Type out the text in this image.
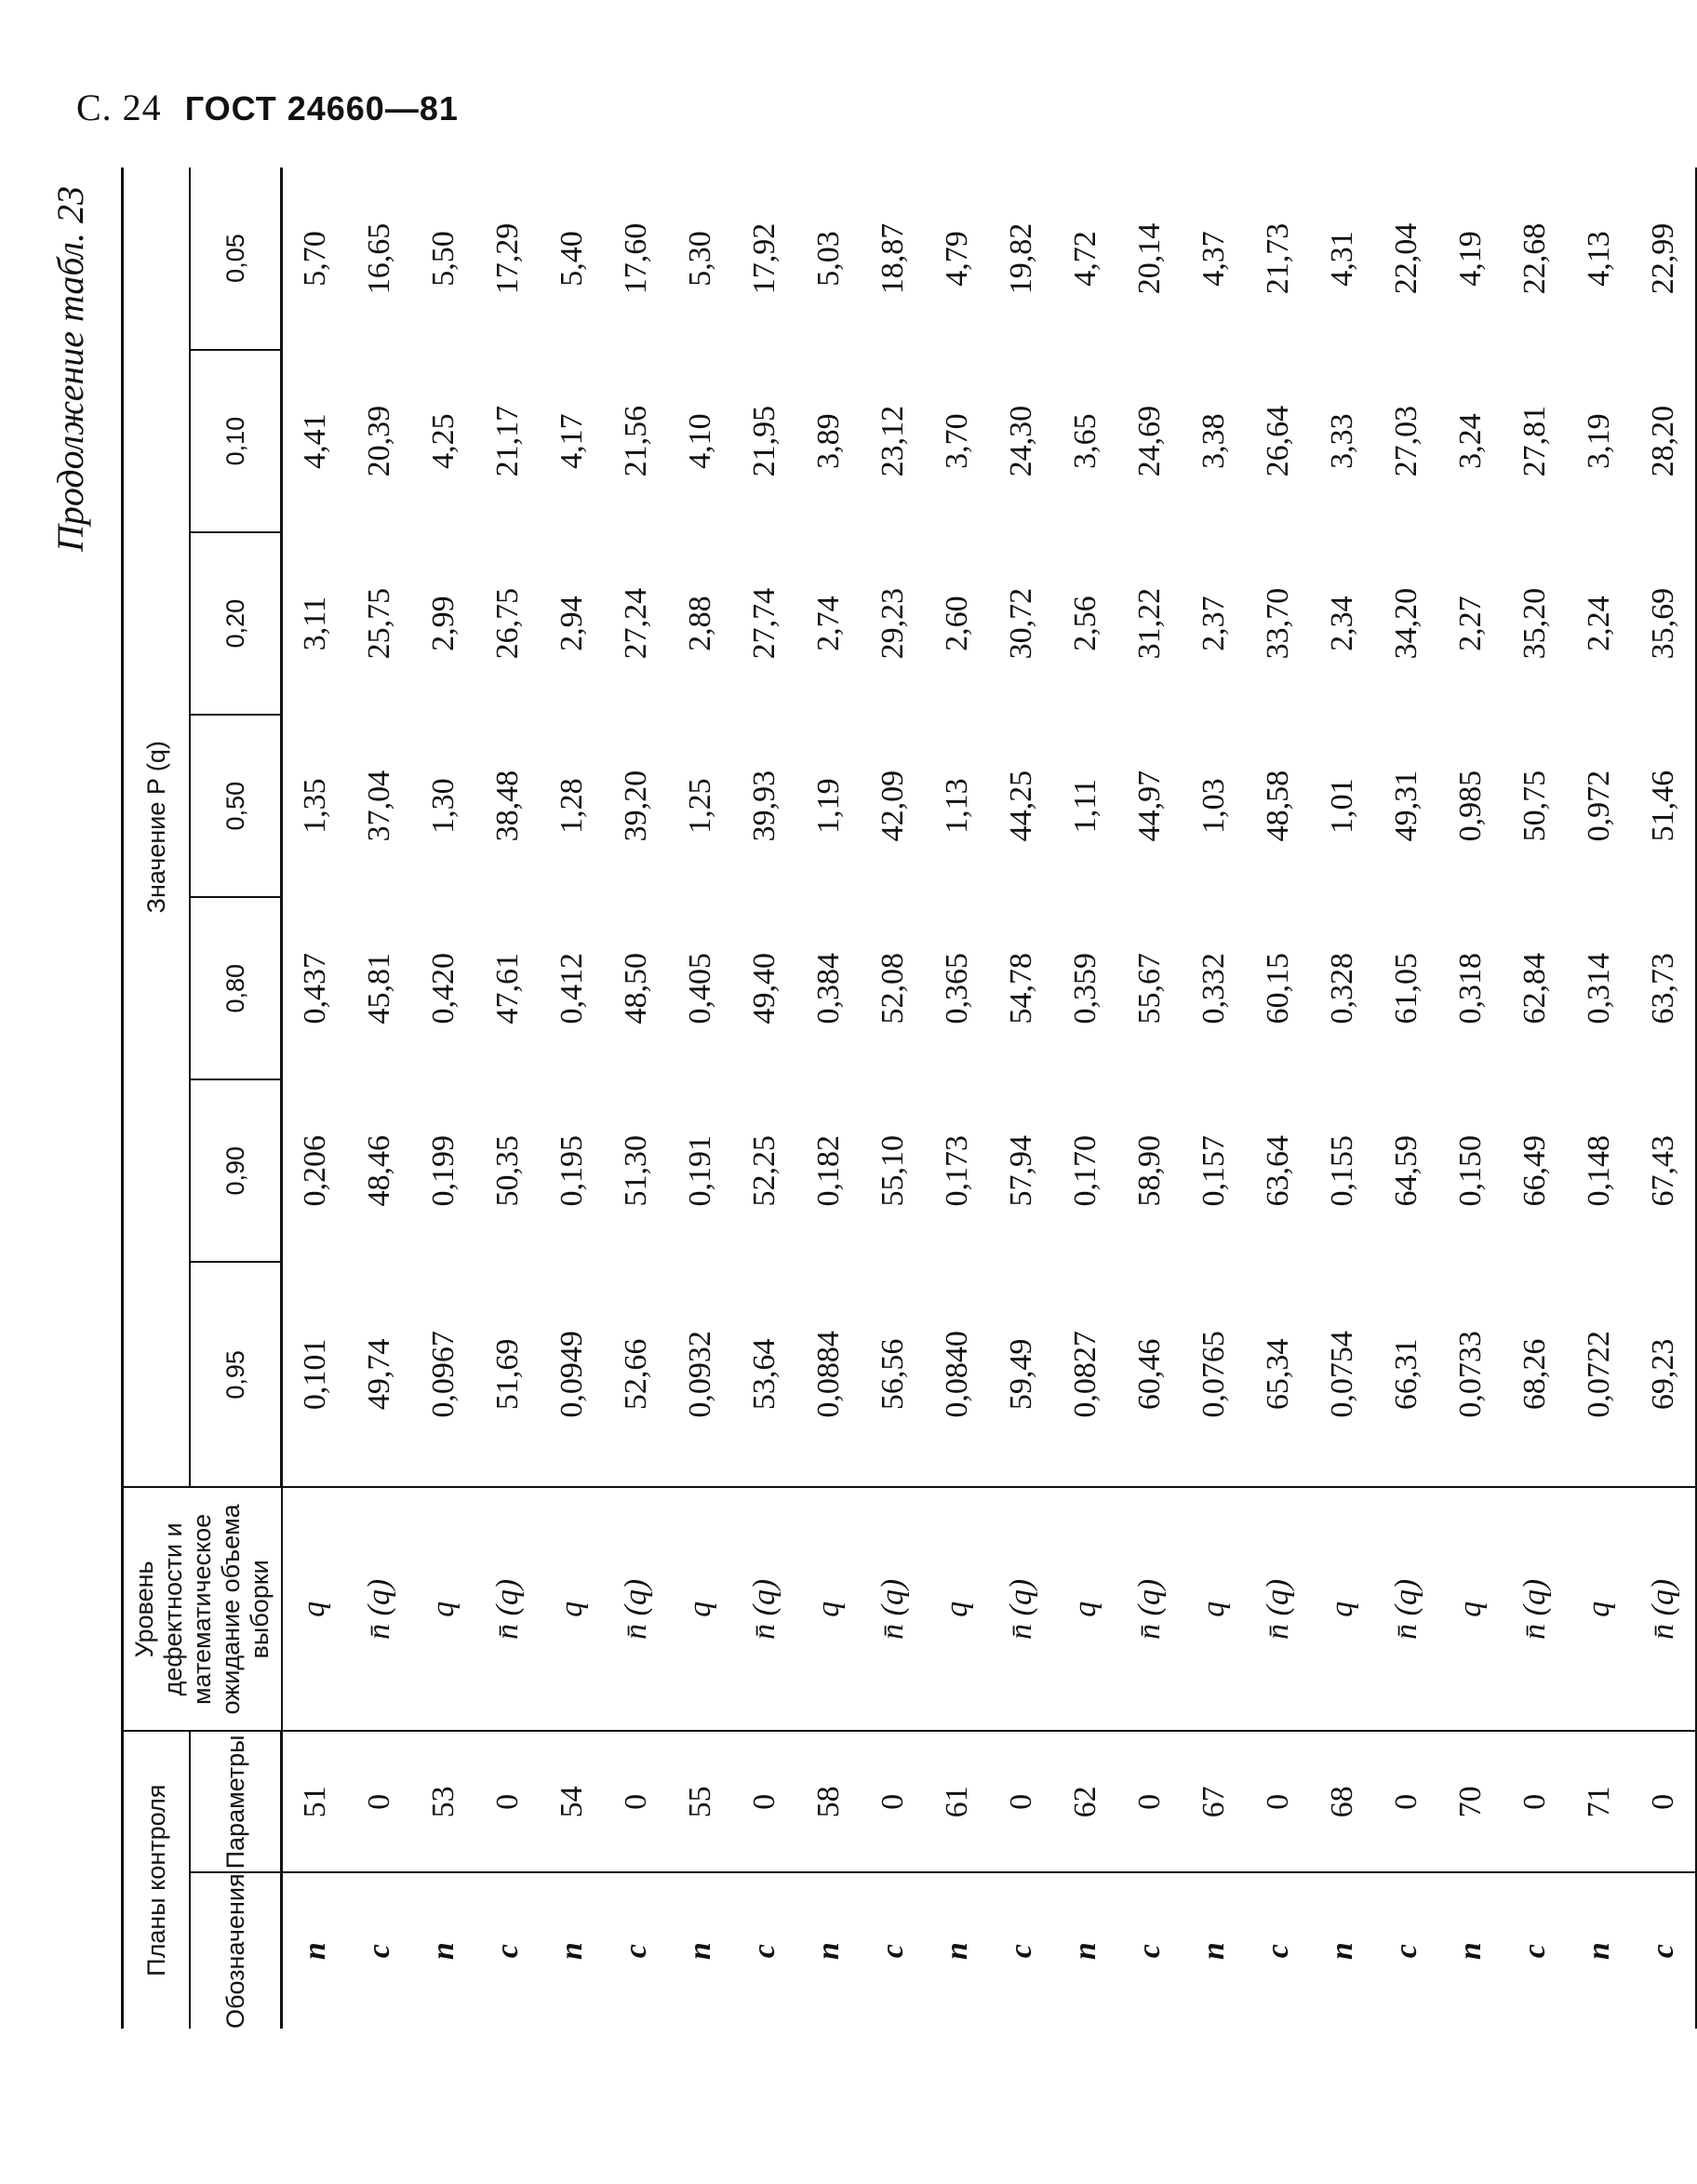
С. 24 ГОСТ 24660—81
Продолжение табл. 23
Планы контроля		Уровень дефектности и математическое ожидание объема выборки	Значение P (q)						
Обозначения	Параметры		0,95	0,90	0,80	0,50	0,20	0,10	0,05
n	51	q	0,101	0,206	0,437	1,35	3,11	4,41	5,70
c	0	n̄ (q)	49,74	48,46	45,81	37,04	25,75	20,39	16,65
n	53	q	0,0967	0,199	0,420	1,30	2,99	4,25	5,50
c	0	n̄ (q)	51,69	50,35	47,61	38,48	26,75	21,17	17,29
n	54	q	0,0949	0,195	0,412	1,28	2,94	4,17	5,40
c	0	n̄ (q)	52,66	51,30	48,50	39,20	27,24	21,56	17,60
n	55	q	0,0932	0,191	0,405	1,25	2,88	4,10	5,30
c	0	n̄ (q)	53,64	52,25	49,40	39,93	27,74	21,95	17,92
n	58	q	0,0884	0,182	0,384	1,19	2,74	3,89	5,03
c	0	n̄ (q)	56,56	55,10	52,08	42,09	29,23	23,12	18,87
n	61	q	0,0840	0,173	0,365	1,13	2,60	3,70	4,79
c	0	n̄ (q)	59,49	57,94	54,78	44,25	30,72	24,30	19,82
n	62	q	0,0827	0,170	0,359	1,11	2,56	3,65	4,72
c	0	n̄ (q)	60,46	58,90	55,67	44,97	31,22	24,69	20,14
n	67	q	0,0765	0,157	0,332	1,03	2,37	3,38	4,37
c	0	n̄ (q)	65,34	63,64	60,15	48,58	33,70	26,64	21,73
n	68	q	0,0754	0,155	0,328	1,01	2,34	3,33	4,31
c	0	n̄ (q)	66,31	64,59	61,05	49,31	34,20	27,03	22,04
n	70	q	0,0733	0,150	0,318	0,985	2,27	3,24	4,19
c	0	n̄ (q)	68,26	66,49	62,84	50,75	35,20	27,81	22,68
n	71	q	0,0722	0,148	0,314	0,972	2,24	3,19	4,13
c	0	n̄ (q)	69,23	67,43	63,73	51,46	35,69	28,20	22,99
